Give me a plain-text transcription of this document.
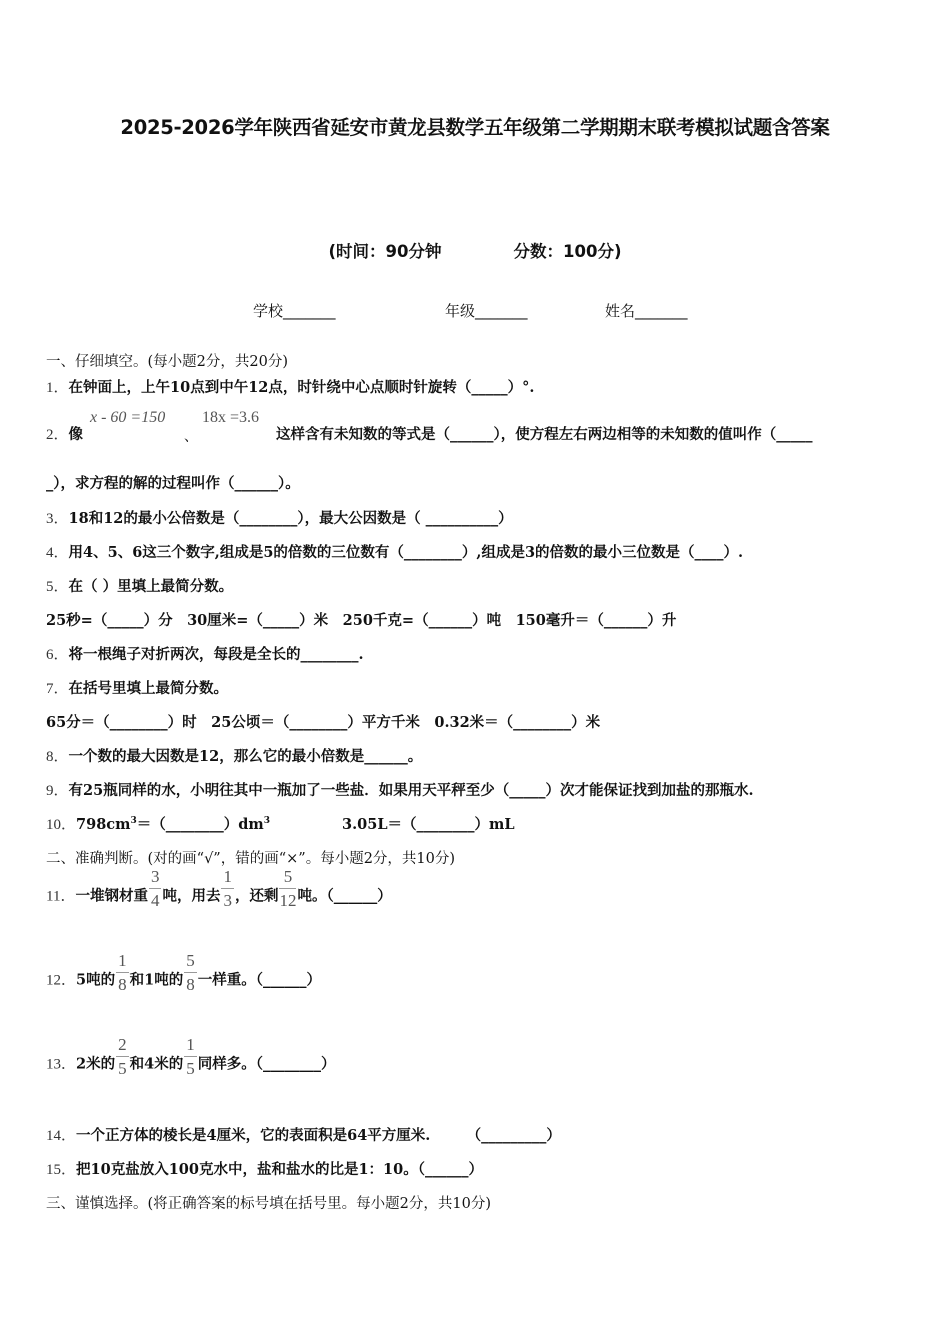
2025-2026学年陕西省延安市黄龙县数学五年级第二学期期末联考模拟试题含答案
(时间：90分钟	分数：100分)
学校_______	年级_______	姓名_______
一、仔细填空。(每小题2分，共20分)
1．在钟面上，上午10点到中午12点，时针绕中心点顺时针旋转（_____）°.
2．像
x - 60 =150
、
18x =3.6
这样含有未知数的等式是（______），使方程左右两边相等的未知数的值叫作（_____
_），求方程的解的过程叫作（______）。
3．18和12的最小公倍数是（________），最大公因数是（ __________）
4．用4、5、6这三个数字,组成是5的倍数的三位数有（________）,组成是3的倍数的最小三位数是（____）.
5．在（ ）里填上最简分数。
25秒=（_____）分　30厘米=（_____）米　250千克=（______）吨　150毫升＝（______）升
6．将一根绳子对折两次，每段是全长的________.
7．在括号里填上最简分数。
65分＝（________）时　25公顷＝（________）平方千米　0.32米＝（________）米
8．一个数的最大因数是12，那么它的最小倍数是______。
9．有25瓶同样的水，小明往其中一瓶加了一些盐．如果用天平秤至少（_____）次才能保证找到加盐的那瓶水.
10．$798cm^3=(\_\_\_\_\_\_\_\_)dm^3$	3.05L＝（________）mL
二、准确判断。(对的画“√”，错的画“×”。每小题2分，共10分)
11．一堆钢材重 $\frac{3}{4}$ 吨，用去 $\frac{1}{3}$ ，还剩 $\frac{5}{12}$ 吨。（______）
12．5吨的 $\frac{1}{8}$ 和1吨的 $\frac{5}{8}$ 一样重。（______）
13．2米的 $\frac{2}{5}$ 和4米的 $\frac{1}{5}$ 同样多。（________）
14．一个正方体的棱长是4厘米，它的表面积是64平方厘米.　　　（_________）
15．把10克盐放入100克水中，盐和盐水的比是1：10。（______）
三、谨慎选择。(将正确答案的标号填在括号里。每小题2分，共10分)
